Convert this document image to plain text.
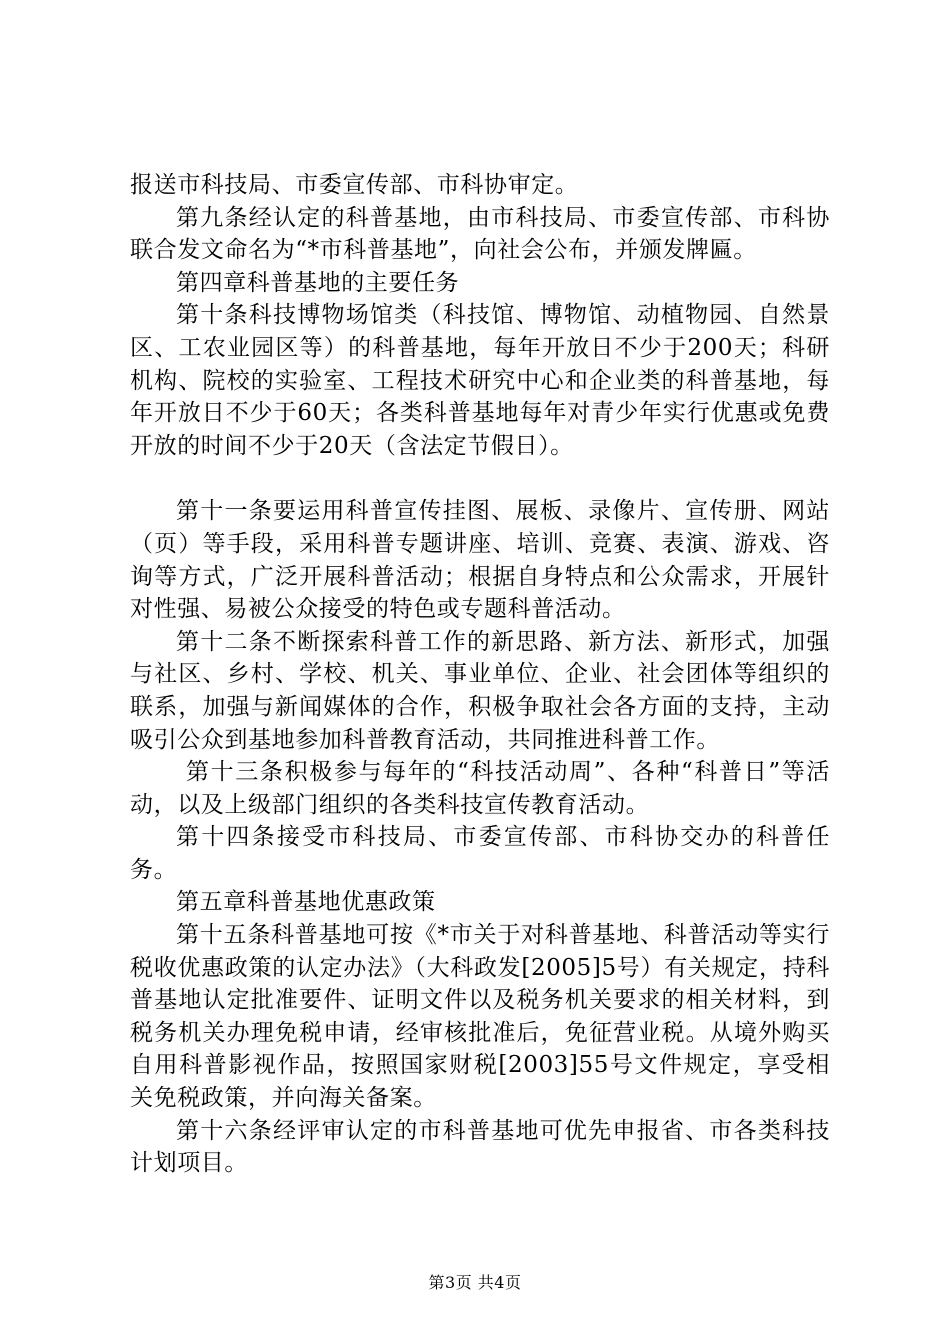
报送市科技局、市委宣传部、市科协审定。

第九条经认定的科普基地，由市科技局、市委宣传部、市科协联合发文命名为“*市科普基地”，向社会公布，并颁发牌匾。

第四章科普基地的主要任务

第十条科技博物场馆类（科技馆、博物馆、动植物园、自然景区、工农业园区等）的科普基地，每年开放日不少于200天；科研机构、院校的实验室、工程技术研究中心和企业类的科普基地，每年开放日不少于60天；各类科普基地每年对青少年实行优惠或免费开放的时间不少于20天（含法定节假日）。

第十一条要运用科普宣传挂图、展板、录像片、宣传册、网站（页）等手段，采用科普专题讲座、培训、竞赛、表演、游戏、咨询等方式，广泛开展科普活动；根据自身特点和公众需求，开展针对性强、易被公众接受的特色或专题科普活动。

第十二条不断探索科普工作的新思路、新方法、新形式，加强与社区、乡村、学校、机关、事业单位、企业、社会团体等组织的联系，加强与新闻媒体的合作，积极争取社会各方面的支持，主动吸引公众到基地参加科普教育活动，共同推进科普工作。

第十三条积极参与每年的“科技活动周”、各种“科普日”等活动，以及上级部门组织的各类科技宣传教育活动。

第十四条接受市科技局、市委宣传部、市科协交办的科普任务。

第五章科普基地优惠政策

第十五条科普基地可按《*市关于对科普基地、科普活动等实行税收优惠政策的认定办法》（大科政发[2005]5号）有关规定，持科普基地认定批准要件、证明文件以及税务机关要求的相关材料，到税务机关办理免税申请，经审核批准后，免征营业税。从境外购买自用科普影视作品，按照国家财税[2003]55号文件规定，享受相关免税政策，并向海关备案。

第十六条经评审认定的市科普基地可优先申报省、市各类科技计划项目。

第3页 共4页
